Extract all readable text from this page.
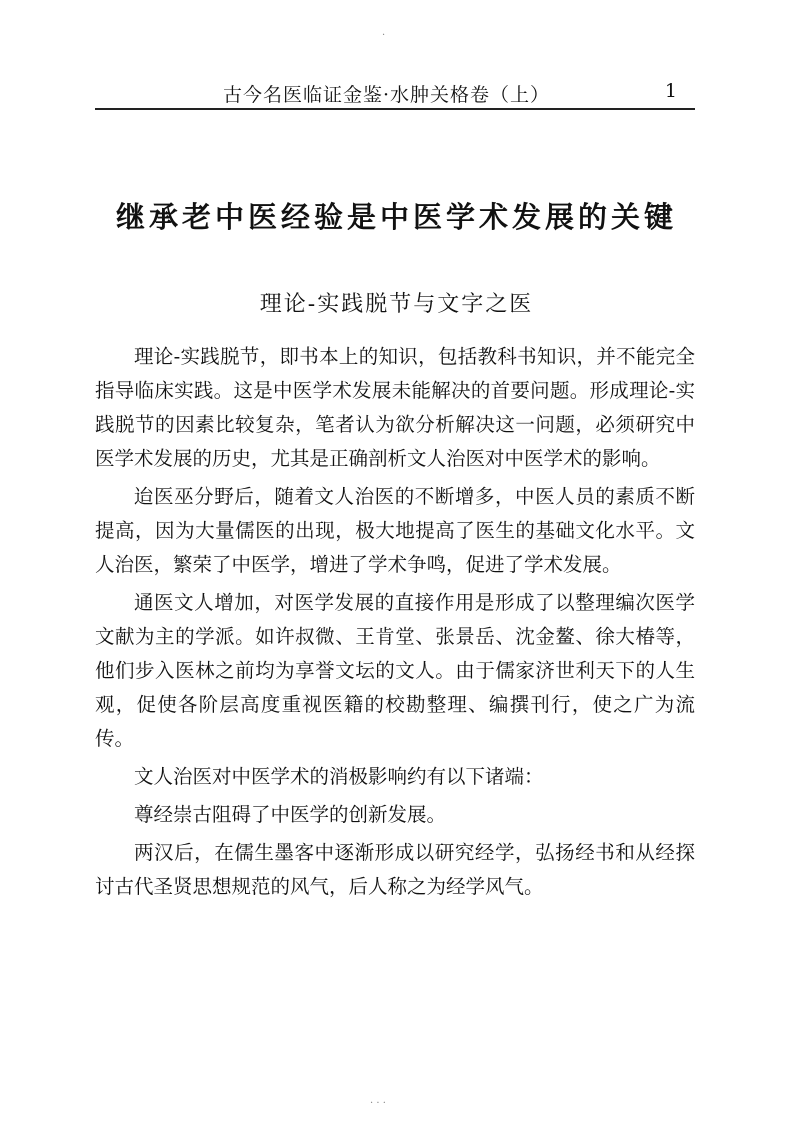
·
古今名医临证金鉴·水肿关格卷（上）	1
继承老中医经验是中医学术发展的关键
理论-实践脱节与文字之医

理论-实践脱节，即书本上的知识，包括教科书知识，并不能完全指导临床实践。这是中医学术发展未能解决的首要问题。形成理论-实践脱节的因素比较复杂，笔者认为欲分析解决这一问题，必须研究中医学术发展的历史，尤其是正确剖析文人治医对中医学术的影响。

迨医巫分野后，随着文人治医的不断增多，中医人员的素质不断提高，因为大量儒医的出现，极大地提高了医生的基础文化水平。文人治医，繁荣了中医学，增进了学术争鸣，促进了学术发展。

通医文人增加，对医学发展的直接作用是形成了以整理编次医学文献为主的学派。如许叔微、王肯堂、张景岳、沈金鳌、徐大椿等，他们步入医林之前均为享誉文坛的文人。由于儒家济世利天下的人生观，促使各阶层高度重视医籍的校勘整理、编撰刊行，使之广为流传。

文人治医对中医学术的消极影响约有以下诸端：

尊经崇古阻碍了中医学的创新发展。

两汉后，在儒生墨客中逐渐形成以研究经学，弘扬经书和从经探讨古代圣贤思想规范的风气，后人称之为经学风气。

· · ·
